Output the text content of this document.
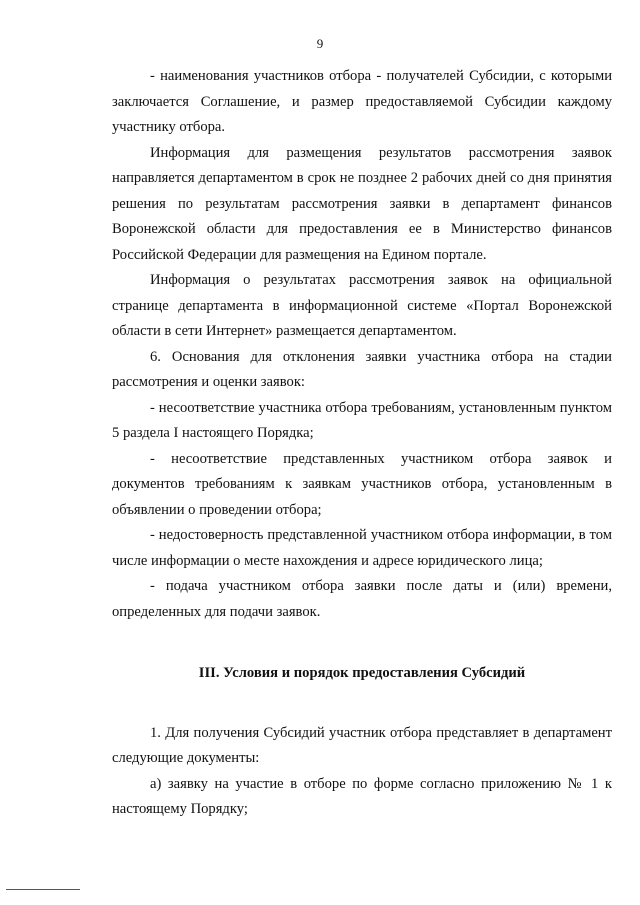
9

- наименования участников отбора - получателей Субсидии, с которыми заключается Соглашение, и размер предоставляемой Субсидии каждому участнику отбора.

Информация для размещения результатов рассмотрения заявок направляется департаментом в срок не позднее 2 рабочих дней со дня принятия решения по результатам рассмотрения заявки в департамент финансов Воронежской области для предоставления ее в Министерство финансов Российской Федерации для размещения на Едином портале.

Информация о результатах рассмотрения заявок на официальной странице департамента в информационной системе «Портал Воронежской области в сети Интернет» размещается департаментом.

6. Основания для отклонения заявки участника отбора на стадии рассмотрения и оценки заявок:

- несоответствие участника отбора требованиям, установленным пунктом 5 раздела I настоящего Порядка;

- несоответствие представленных участником отбора заявок и документов требованиям к заявкам участников отбора, установленным в объявлении о проведении отбора;

- недостоверность представленной участником отбора информации, в том числе информации о месте нахождения и адресе юридического лица;

- подача участником отбора заявки после даты и (или) времени, определенных для подачи заявок.

III. Условия и порядок предоставления Субсидий

1. Для получения Субсидий участник отбора представляет в департамент следующие документы:

а) заявку на участие в отборе по форме согласно приложению № 1 к настоящему Порядку;
